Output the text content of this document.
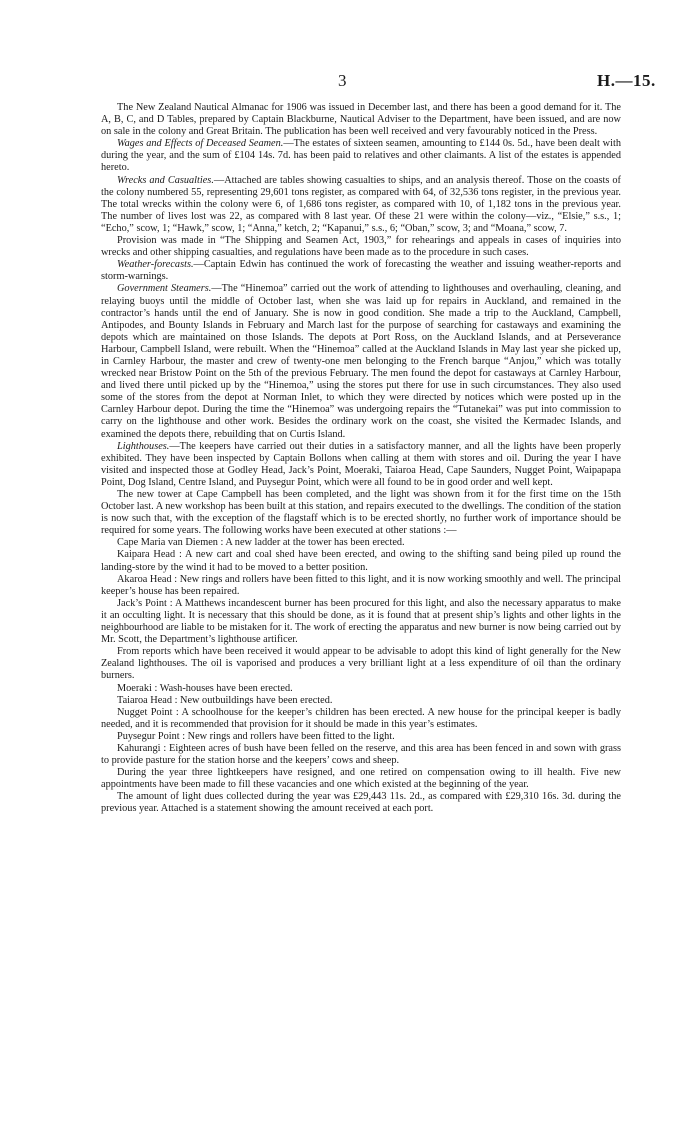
3	H.—15.

The New Zealand Nautical Almanac for 1906 was issued in December last, and there has been a good demand for it. The A, B, C, and D Tables, prepared by Captain Blackburne, Nautical Adviser to the Department, have been issued, and are now on sale in the colony and Great Britain. The publication has been well received and very favourably noticed in the Press.

Wages and Effects of Deceased Seamen.—The estates of sixteen seamen, amounting to £144 0s. 5d., have been dealt with during the year, and the sum of £104 14s. 7d. has been paid to relatives and other claimants. A list of the estates is appended hereto.

Wrecks and Casualties.—Attached are tables showing casualties to ships, and an analysis thereof. Those on the coasts of the colony numbered 55, representing 29,601 tons register, as compared with 64, of 32,536 tons register, in the previous year. The total wrecks within the colony were 6, of 1,686 tons register, as compared with 10, of 1,182 tons in the previous year. The number of lives lost was 22, as compared with 8 last year. Of these 21 were within the colony—viz., “Elsie,” s.s., 1; “Echo,” scow, 1; “Hawk,” scow, 1; “Anna,” ketch, 2; “Kapanui,” s.s., 6; “Oban,” scow, 3; and “Moana,” scow, 7.

Provision was made in “The Shipping and Seamen Act, 1903,” for rehearings and appeals in cases of inquiries into wrecks and other shipping casualties, and regulations have been made as to the procedure in such cases.

Weather-forecasts.—Captain Edwin has continued the work of forecasting the weather and issuing weather-reports and storm-warnings.

Government Steamers.—The “Hinemoa” carried out the work of attending to lighthouses and overhauling, cleaning, and relaying buoys until the middle of October last, when she was laid up for repairs in Auckland, and remained in the contractor’s hands until the end of January. She is now in good condition. She made a trip to the Auckland, Campbell, Antipodes, and Bounty Islands in February and March last for the purpose of searching for castaways and examining the depots which are maintained on those Islands. The depots at Port Ross, on the Auckland Islands, and at Perseverance Harbour, Campbell Island, were rebuilt. When the “Hinemoa” called at the Auckland Islands in May last year she picked up, in Carnley Harbour, the master and crew of twenty-one men belonging to the French barque “Anjou,” which was totally wrecked near Bristow Point on the 5th of the previous February. The men found the depot for castaways at Carnley Harbour, and lived there until picked up by the “Hinemoa,” using the stores put there for use in such circumstances. They also used some of the stores from the depot at Norman Inlet, to which they were directed by notices which were posted up in the Carnley Harbour depot. During the time the “Hinemoa” was undergoing repairs the “Tutanekai” was put into commission to carry on the lighthouse and other work. Besides the ordinary work on the coast, she visited the Kermadec Islands, and examined the depots there, rebuilding that on Curtis Island.

Lighthouses.—The keepers have carried out their duties in a satisfactory manner, and all the lights have been properly exhibited. They have been inspected by Captain Bollons when calling at them with stores and oil. During the year I have visited and inspected those at Godley Head, Jack’s Point, Moeraki, Taiaroa Head, Cape Saunders, Nugget Point, Waipapapa Point, Dog Island, Centre Island, and Puysegur Point, which were all found to be in good order and well kept.

The new tower at Cape Campbell has been completed, and the light was shown from it for the first time on the 15th October last. A new workshop has been built at this station, and repairs executed to the dwellings. The condition of the station is now such that, with the exception of the flagstaff which is to be erected shortly, no further work of importance should be required for some years. The following works have been executed at other stations :—

Cape Maria van Diemen : A new ladder at the tower has been erected.

Kaipara Head : A new cart and coal shed have been erected, and owing to the shifting sand being piled up round the landing-store by the wind it had to be moved to a better position.

Akaroa Head : New rings and rollers have been fitted to this light, and it is now working smoothly and well. The principal keeper’s house has been repaired.

Jack’s Point : A Matthews incandescent burner has been procured for this light, and also the necessary apparatus to make it an occulting light. It is necessary that this should be done, as it is found that at present ship’s lights and other lights in the neighbourhood are liable to be mistaken for it. The work of erecting the apparatus and new burner is now being carried out by Mr. Scott, the Department’s lighthouse artificer.

From reports which have been received it would appear to be advisable to adopt this kind of light generally for the New Zealand lighthouses. The oil is vaporised and produces a very brilliant light at a less expenditure of oil than the ordinary burners.

Moeraki : Wash-houses have been erected.

Taiaroa Head : New outbuildings have been erected.

Nugget Point : A schoolhouse for the keeper’s children has been erected. A new house for the principal keeper is badly needed, and it is recommended that provision for it should be made in this year’s estimates.

Puysegur Point : New rings and rollers have been fitted to the light.

Kahurangi : Eighteen acres of bush have been felled on the reserve, and this area has been fenced in and sown with grass to provide pasture for the station horse and the keepers’ cows and sheep.

During the year three lightkeepers have resigned, and one retired on compensation owing to ill health. Five new appointments have been made to fill these vacancies and one which existed at the beginning of the year.

The amount of light dues collected during the year was £29,443 11s. 2d., as compared with £29,310 16s. 3d. during the previous year. Attached is a statement showing the amount received at each port.
